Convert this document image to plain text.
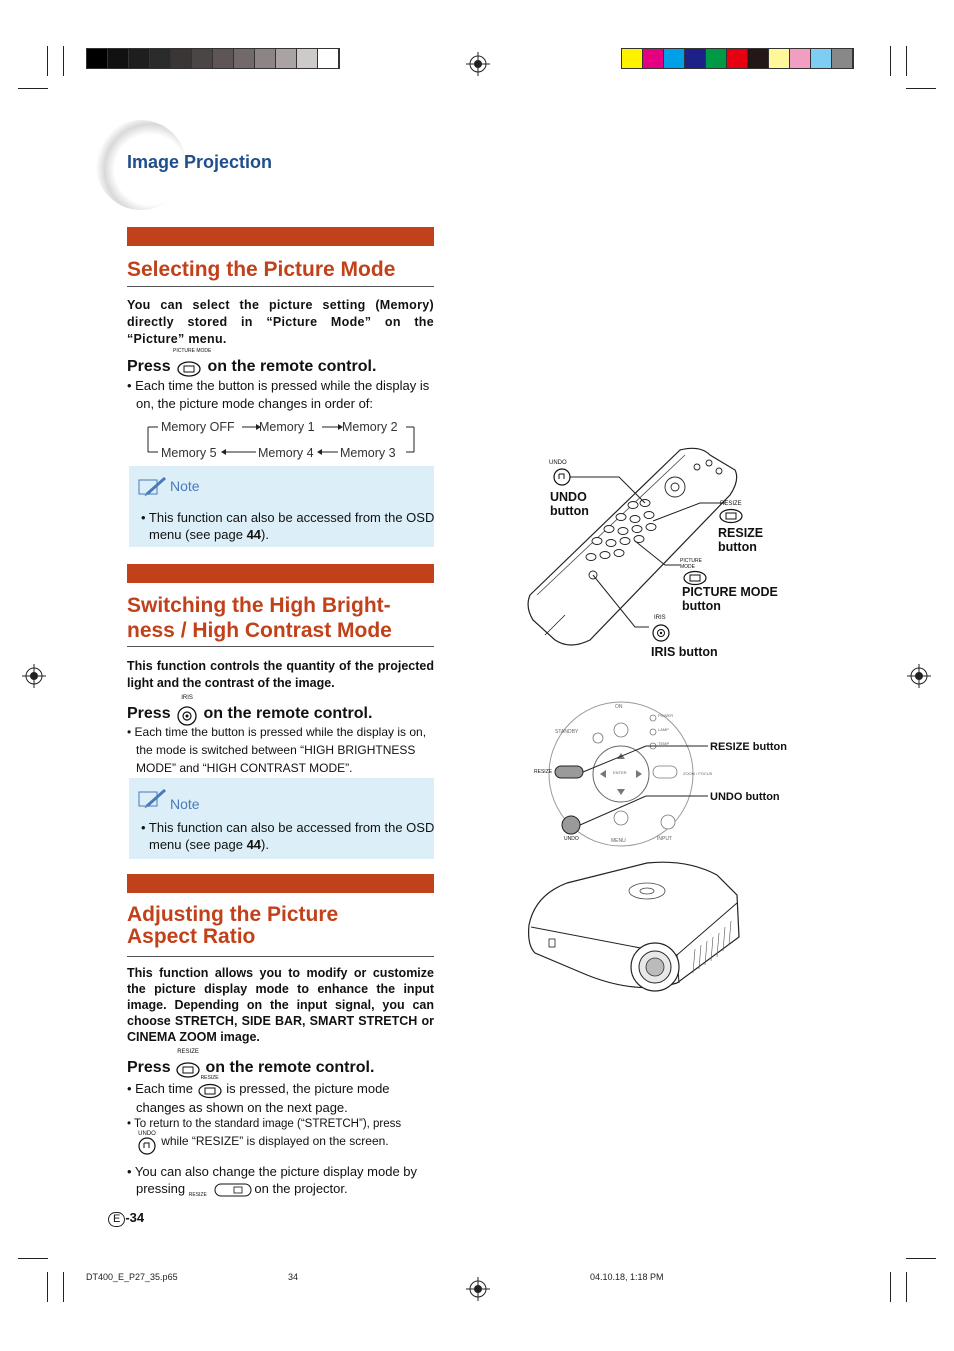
Image Projection
Selecting the Picture Mode
You can select the picture setting (Memory) directly stored in “Picture Mode” on the “Picture” menu.
Press
PICTURE MODE
on the remote control.
• Each time the button is pressed while the display is on, the picture mode changes in order of:
Memory OFF Memory 1 Memory 2
Memory 3
Memory 4
Memory 5
Note
• This function can also be accessed from the OSD menu (see page 44).
Switching the High Bright-
ness / High Contrast Mode
This function controls the quantity of the projected light and the contrast of the image.
Press
IRIS
on the remote control.
• Each time the button is pressed while the display is on, the mode is switched between “HIGH BRIGHTNESS MODE” and “HIGH CONTRAST MODE”.
Note
• This function can also be accessed from the OSD menu (see page 44).
Adjusting the Picture
Aspect Ratio
This function allows you to modify or customize the picture display mode to enhance the input image. Depending on the input signal, you can choose STRETCH, SIDE BAR, SMART STRETCH or CINEMA ZOOM image.
Press
RESIZE
on the remote control.
• Each time
RESIZE
is pressed, the picture mode changes as shown on the next page.
• To return to the standard image (“STRETCH”), press
UNDO
while “RESIZE” is displayed on the screen.
• You can also change the picture display mode by pressing RESIZE	on the projector.
UNDO
UNDO button	RESIZE
RESIZE button
PICTURE MODE
PICTURE MODE button
IRIS
IRIS button
ON
STANDBY
RESIZE
UNDO	MENU	INPUT
POWER
LAMP
TEMP
ZOOM / FOCUS
ENTER
RESIZE button
UNDO button
E -34
DT400_E_P27_35.p65	34	04.10.18, 1:18 PM
